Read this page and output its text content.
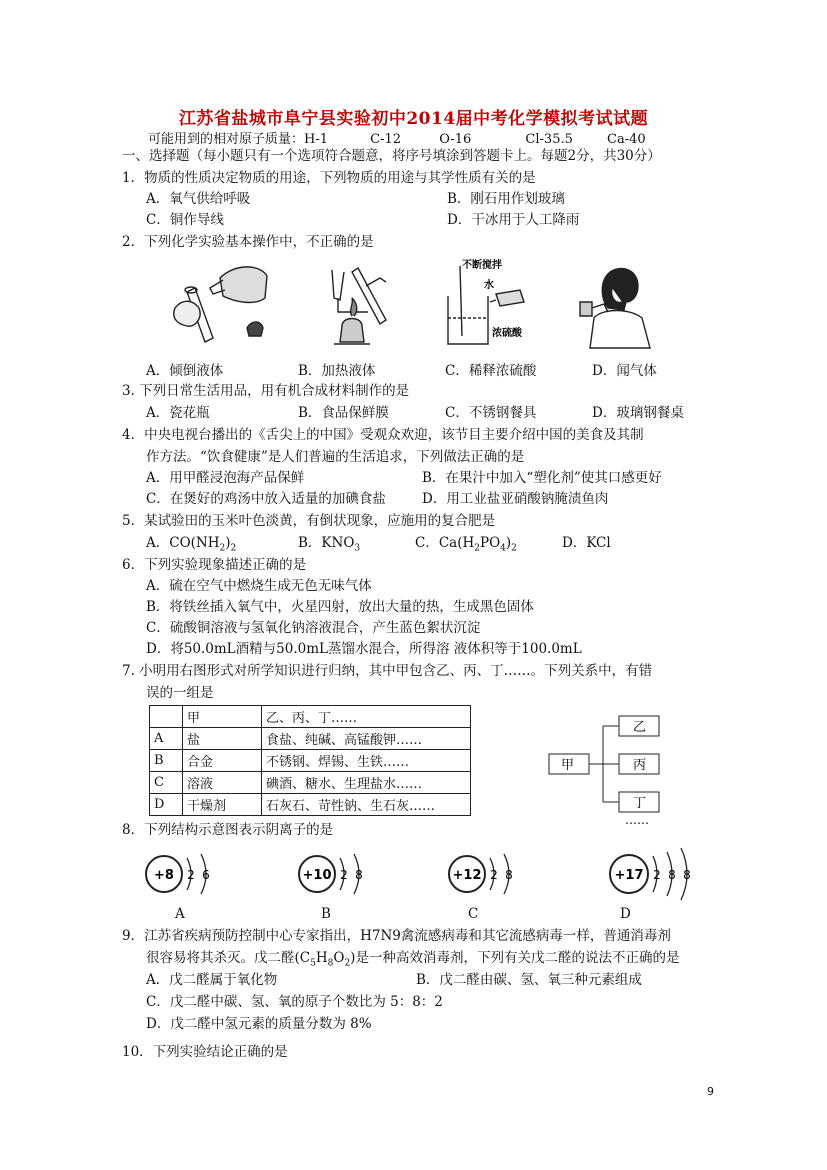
江苏省盐城市阜宁县实验初中2014届中考化学模拟考试试题
可能用到的相对原子质量：H-1	C-12	O-16	Cl-35.5	Ca-40
一、选择题（每小题只有一个选项符合题意，将序号填涂到答题卡上。每题2分，共30分）
1．物质的性质决定物质的用途，下列物质的用途与其学性质有关的是
A．氧气供给呼吸	B．刚石用作划玻璃
C．铜作导线	D．干冰用于人工降雨
2．下列化学实验基本操作中，不正确的是
不断搅拌
水
浓硫酸
A．倾倒液体	B．加热液体	C．稀释浓硫酸	D．闻气体
3. 下列日常生活用品，用有机合成材料制作的是
A．瓷花瓶	B．食品保鲜膜	C．不锈钢餐具	D．玻璃钢餐桌
4．中央电视台播出的《舌尖上的中国》受观众欢迎，该节目主要介绍中国的美食及其制
作方法。“饮食健康”是人们普遍的生活追求，下列做法正确的是
A．用甲醛浸泡海产品保鲜	B．在果汁中加入“塑化剂”使其口感更好
C．在煲好的鸡汤中放入适量的加碘食盐	D．用工业盐亚硝酸钠腌渍鱼肉
5．某试验田的玉米叶色淡黄，有倒状现象，应施用的复合肥是
A．$CO(NH_2)_2$	B．$KNO_3$	C．$Ca(H_2PO_4)_2$	D．KCl
6．下列实验现象描述正确的是
A．硫在空气中燃烧生成无色无味气体
B．将铁丝插入氧气中，火星四射，放出大量的热，生成黑色固体
C．硫酸铜溶液与氢氧化钠溶液混合，产生蓝色絮状沉淀
D．将50.0mL酒精与50.0mL蒸馏水混合，所得溶 液体积等于100.0mL
7. 小明用右图形式对所学知识进行归纳，其中甲包含乙、丙、丁……。下列关系中，有错
误的一组是
	甲	乙、丙、丁……
A	盐	食盐、纯碱、高锰酸钾……
B	合金	不锈钢、焊锡、生铁……
C	溶液	碘酒、糖水、生理盐水……
D	干燥剂	石灰石、苛性钠、生石灰……
甲
乙
丙
丁
……
8．下列结构示意图表示阴离子的是
+8 2 6
A
+10 2 8
B
+12 2 8
C
+17 2 8 8
D
9．江苏省疾病预防控制中心专家指出，H7N9禽流感病毒和其它流感病毒一样，普通消毒剂
很容易将其杀灭。戊二醛$(C_5H_8O_2)$是一种高效消毒剂，下列有关戊二醛的说法不正确的是
A．戊二醛属于氧化物	B．戊二醛由碳、氢、氧三种元素组成
C．戊二醛中碳、氢、氧的原子个数比为 5：8：2
D．戊二醛中氢元素的质量分数为 8%
10．下列实验结论正确的是
9
